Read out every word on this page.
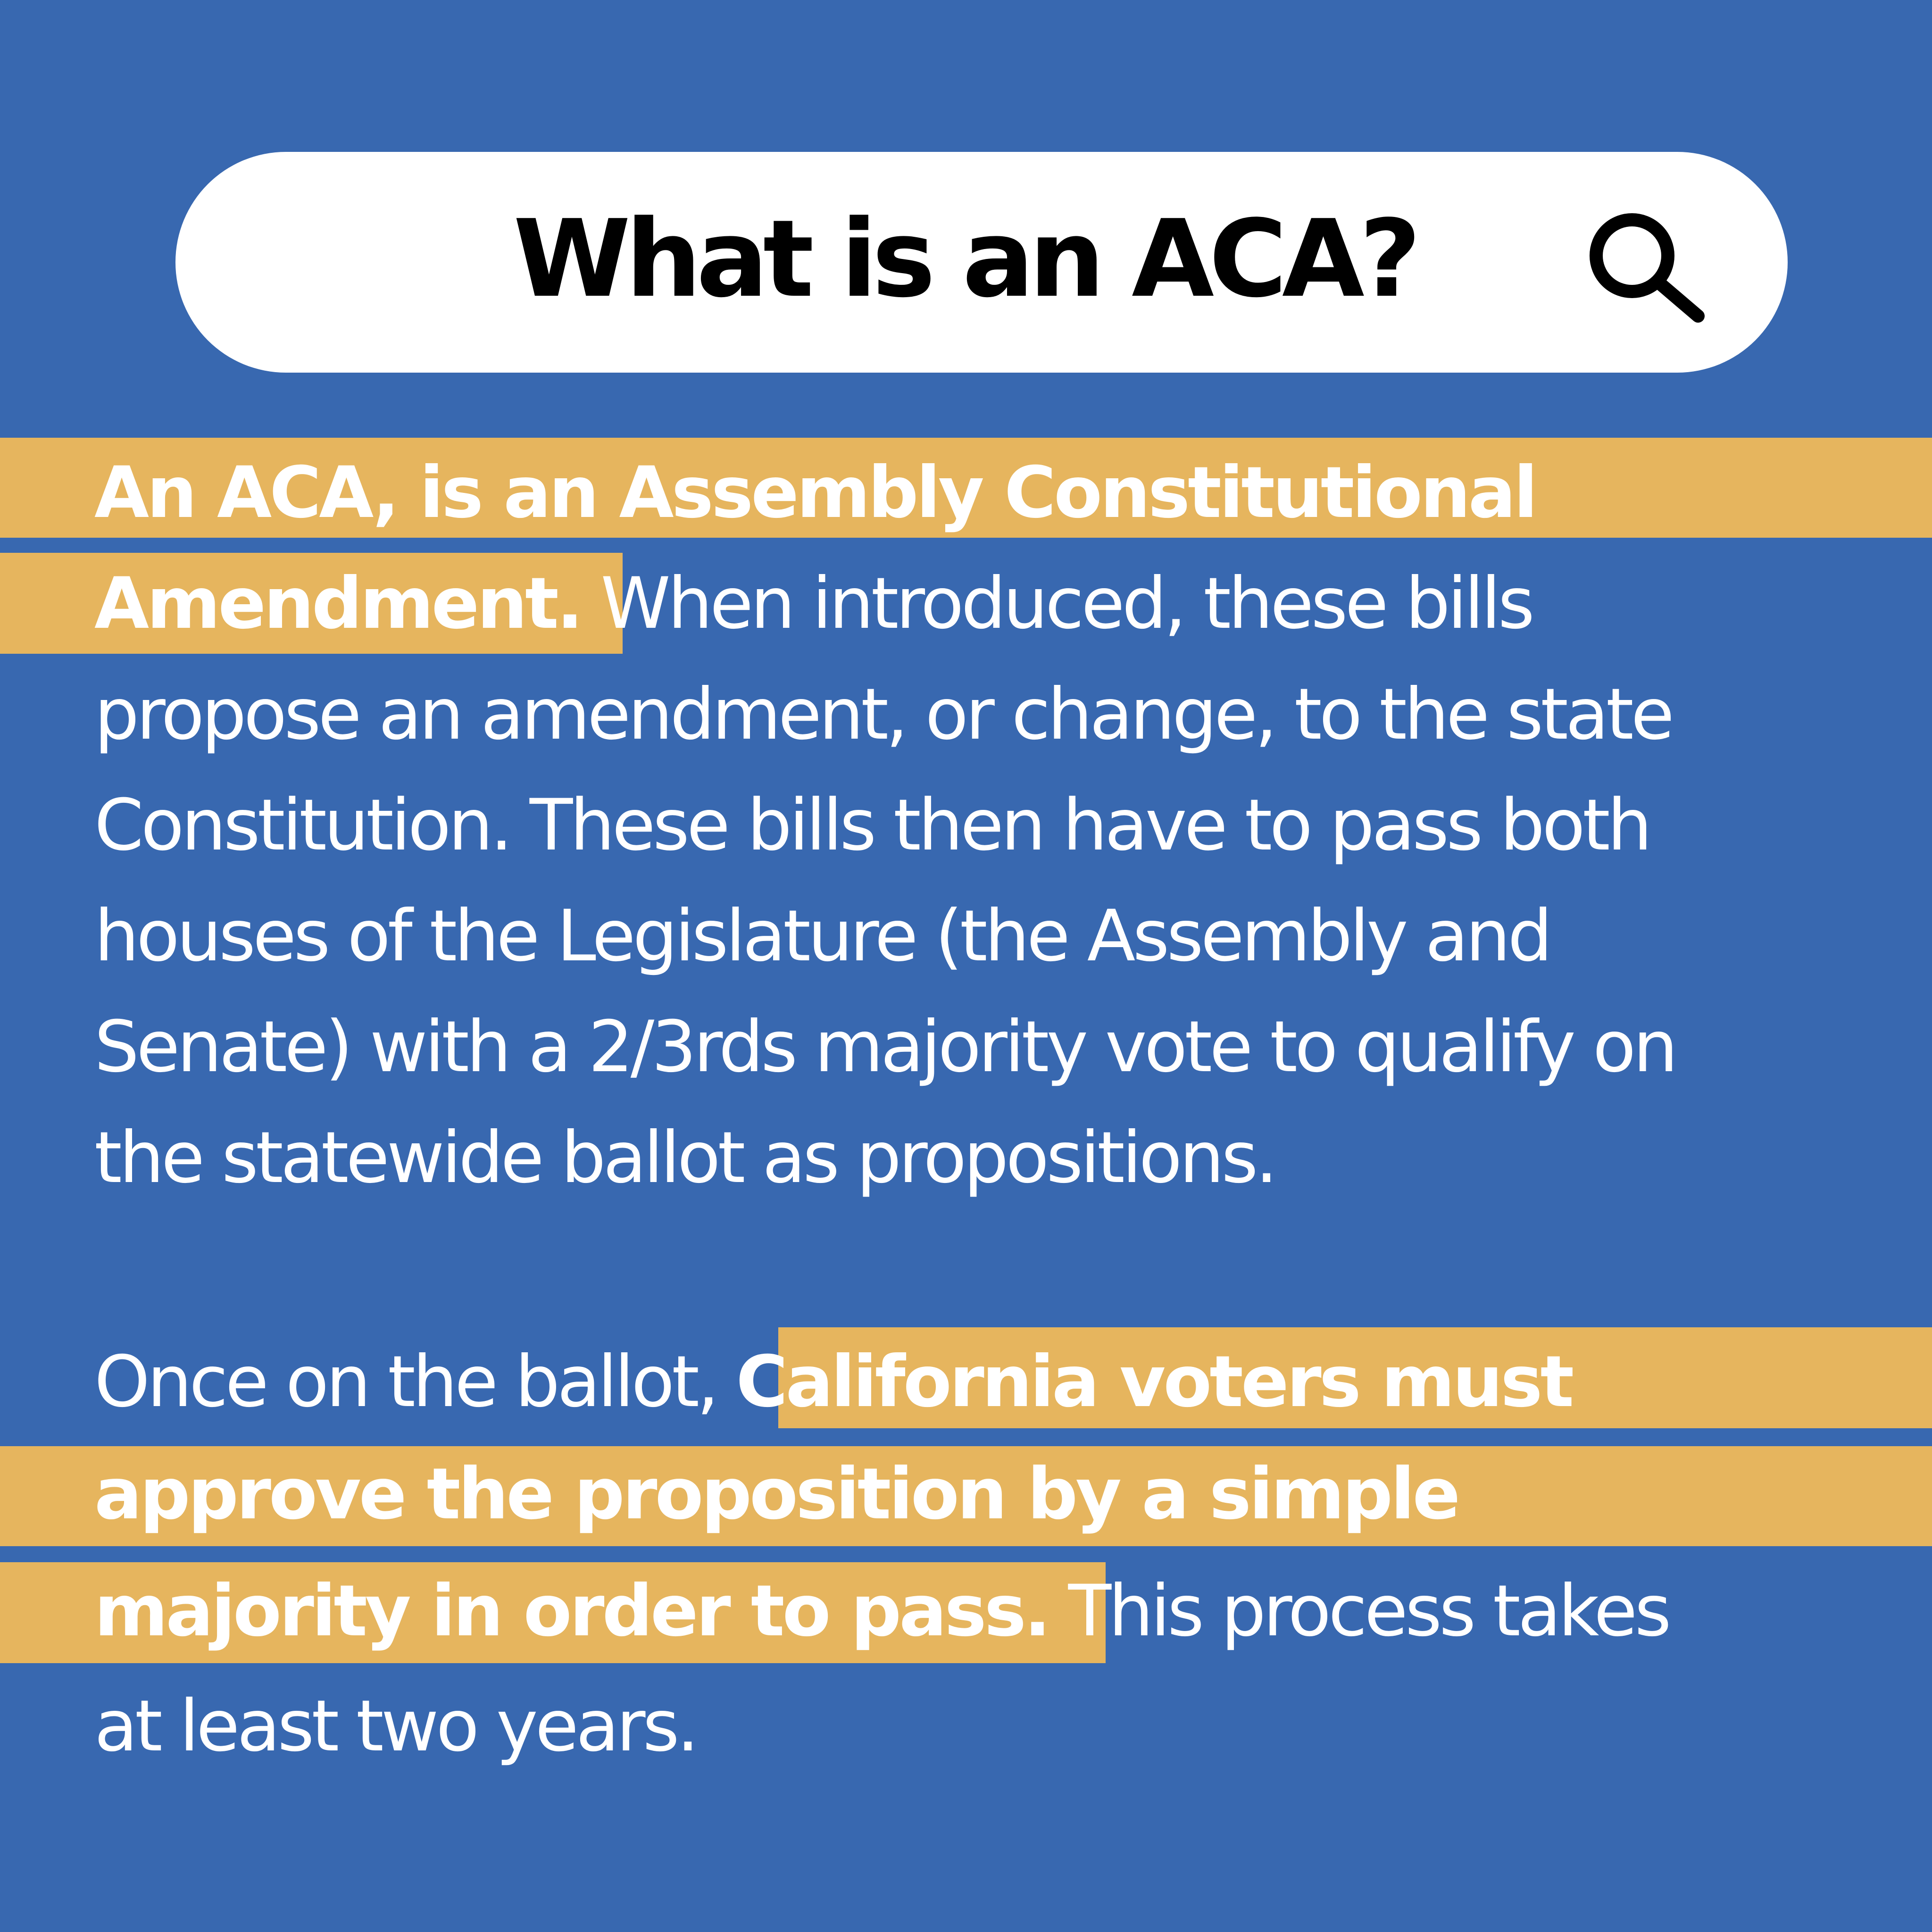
What is an ACA?
An ACA, is an Assembly Constitutional
Amendment. When introduced, these bills
propose an amendment, or change, to the state
Constitution. These bills then have to pass both
houses of the Legislature (the Assembly and
Senate) with a 2/3rds majority vote to qualify on
the statewide ballot as propositions.
Once on the ballot, California voters must
approve the proposition by a simple
majority in order to pass. This process takes
at least two years.
